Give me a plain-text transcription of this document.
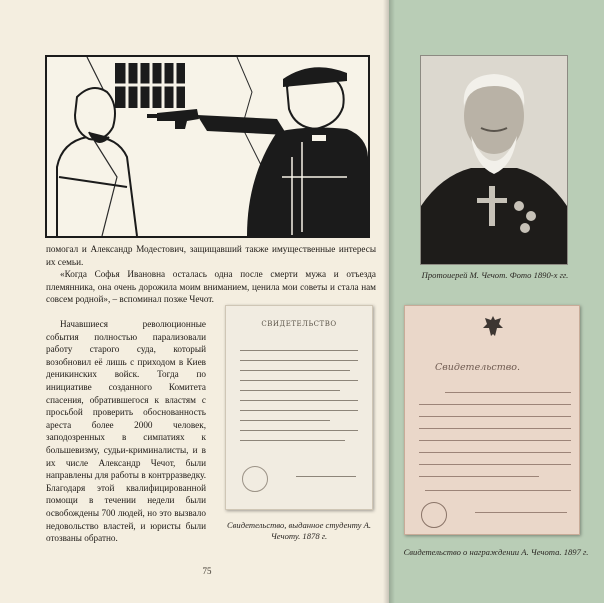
помогал и Александр Модестович, защищавший также имущественные интересы их семьи.

«Когда Софья Ивановна осталась одна после смерти мужа и отъезда племянника, она очень дорожила моим вниманием, ценила мои советы и стала нам совсем родной», – вспоминал позже Чечот.

Начавшиеся революционные события полностью парализовали работу старого суда, который возобновил её лишь с приходом в Киев деникинских войск. Тогда по инициативе созданного Комитета спасения, обратившегося к властям с просьбой проверить обоснованность ареста более 2000 человек, заподозренных в симпатиях к большевизму, судьи-криминалисты, и в их числе Александр Чечот, были направлены для работы в контрразведку. Благодаря этой квалифицированной помощи в течении недели были освобождены 700 людей, но это вызвало недовольство властей, и юристы были отозваны обратно.

СВИДЕТЕЛЬСТВО
Свидетельство, выданное студенту А. Чечоту. 1878 г.
75
Протоиерей М. Чечот. Фото 1890-х гг.
Свидетельство.
Свидетельство о награждении А. Чечота. 1897 г.
